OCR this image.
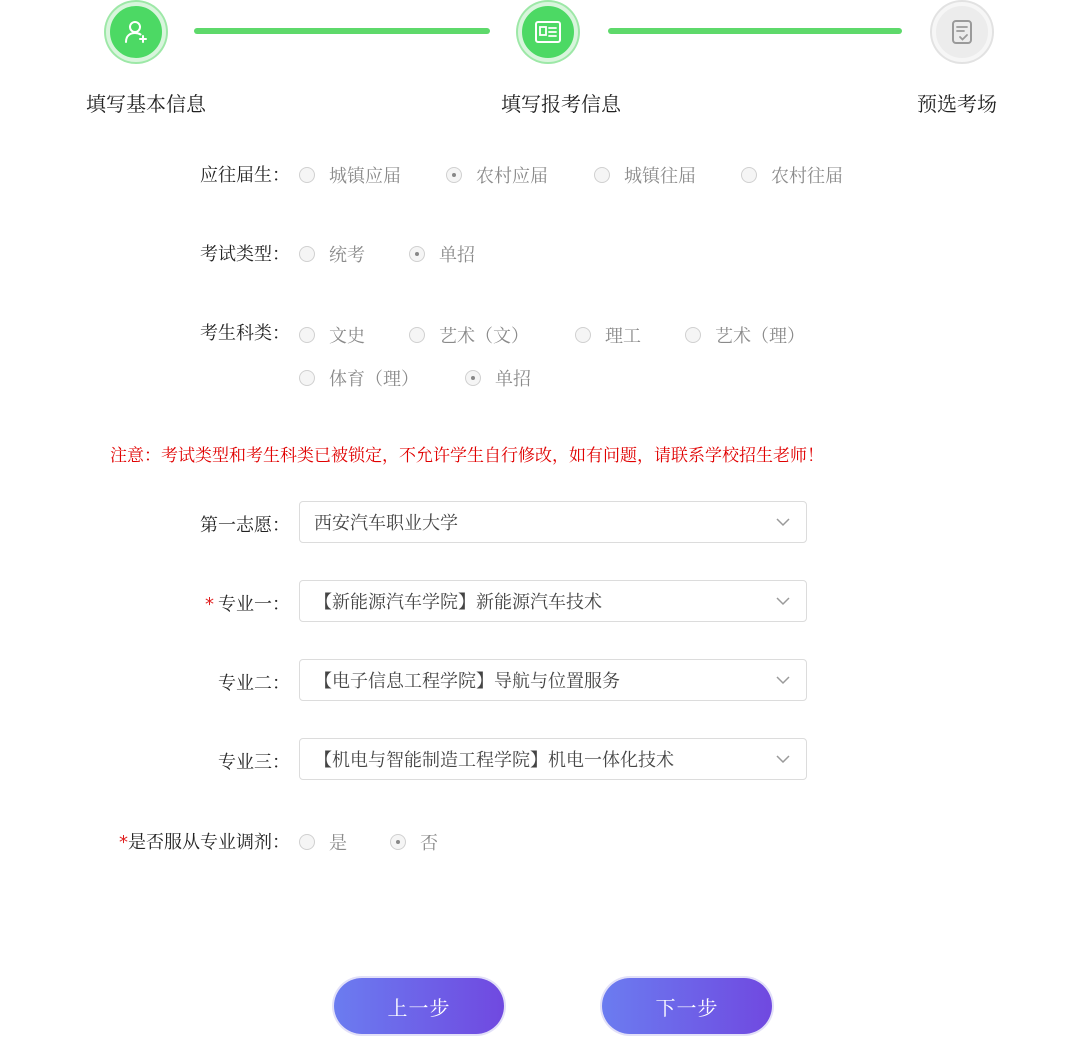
填写基本信息	填写报考信息	预选考场
应往届生： 城镇应届	农村应届	城镇往届	农村往届
考试类型： 统考	单招
考生科类： 文史	艺术（文）	理工	艺术（理）
体育（理）	单招
注意：考试类型和考生科类已被锁定，不允许学生自行修改，如有问题，请联系学校招生老师！
第一志愿： 西安汽车职业大学
* 专业一： 【新能源汽车学院】新能源汽车技术
专业二： 【电子信息工程学院】导航与位置服务
专业三： 【机电与智能制造工程学院】机电一体化技术
*是否服从专业调剂： 是	否
上一步	下一步
